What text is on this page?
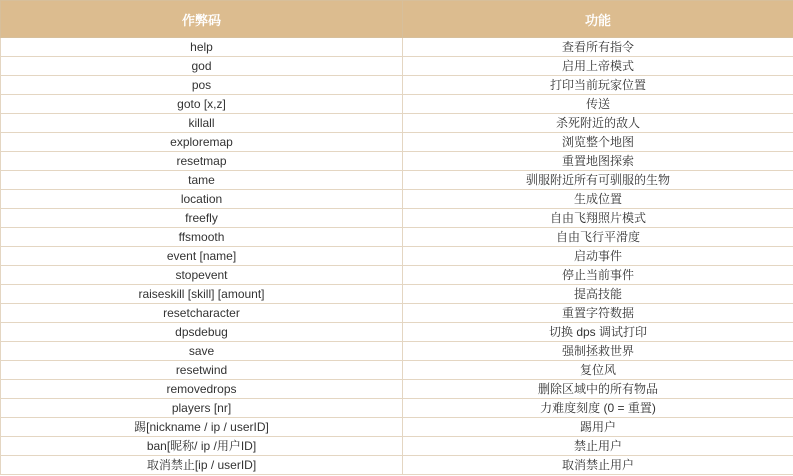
作弊码	功能
help	查看所有指令
god	启用上帝模式
pos	打印当前玩家位置
goto [x,z]	传送
killall	杀死附近的敌人
exploremap	浏览整个地图
resetmap	重置地图探索
tame	驯服附近所有可驯服的生物
location	生成位置
freefly	自由飞翔照片模式
ffsmooth	自由飞行平滑度
event [name]	启动事件
stopevent	停止当前事件
raiseskill [skill] [amount]	提高技能
resetcharacter	重置字符数据
dpsdebug	切换 dps 调试打印
save	强制拯救世界
resetwind	复位风
removedrops	删除区域中的所有物品
players [nr]	力难度刻度 (0 = 重置)
踢[nickname / ip / userID]	踢用户
ban[昵称/ ip /用户ID]	禁止用户
取消禁止[ip / userID]	取消禁止用户
